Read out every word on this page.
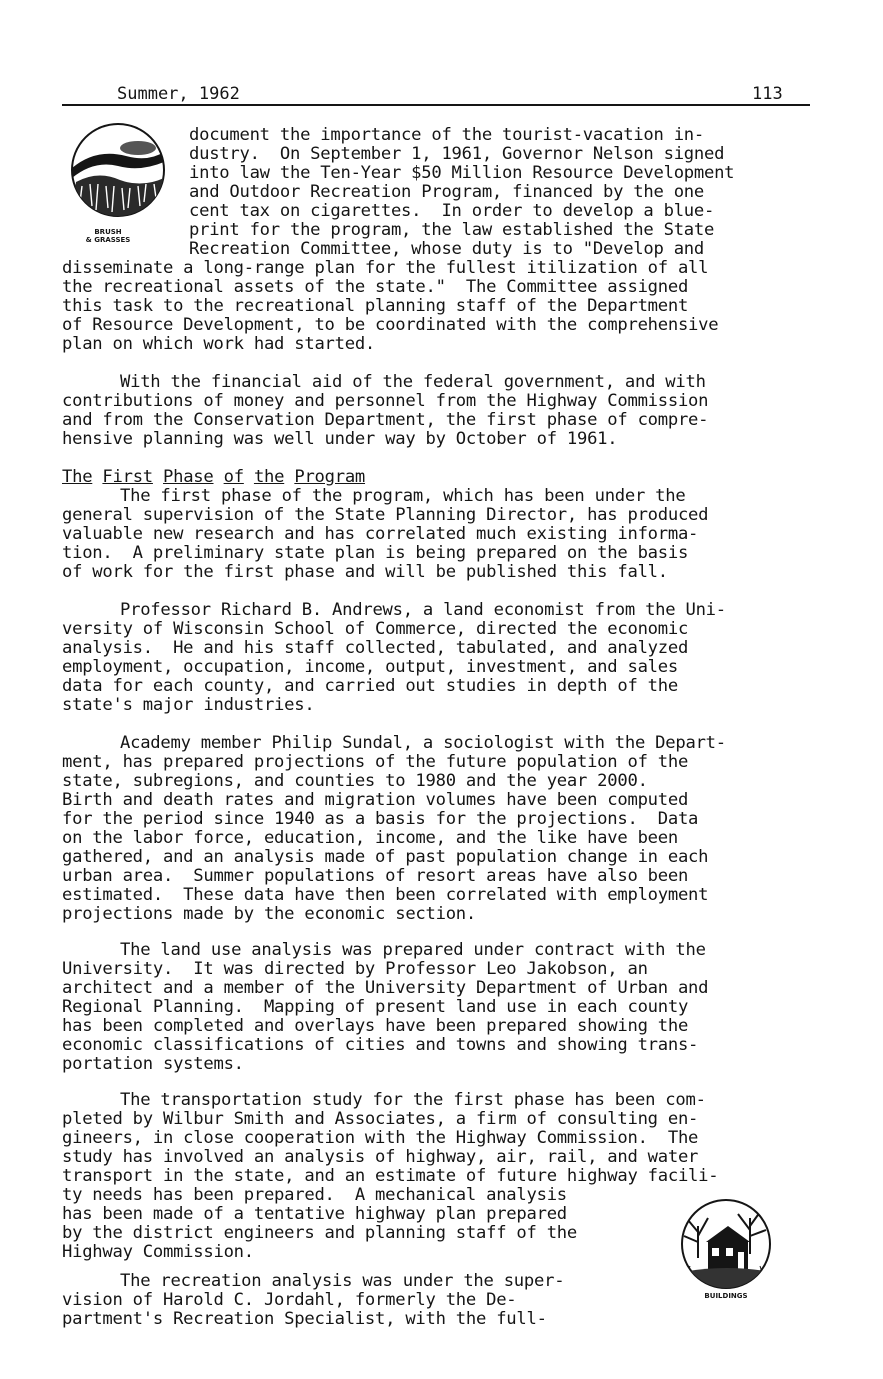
Summer, 1962	113
BRUSH
& GRASSES
document the importance of the tourist-vacation in-
dustry.  On September 1, 1961, Governor Nelson signed
into law the Ten-Year $50 Million Resource Development
and Outdoor Recreation Program, financed by the one
cent tax on cigarettes.  In order to develop a blue-
print for the program, the law established the State
Recreation Committee, whose duty is to "Develop and
disseminate a long-range plan for the fullest itilization of all
the recreational assets of the state."  The Committee assigned
this task to the recreational planning staff of the Department
of Resource Development, to be coordinated with the comprehensive
plan on which work had started.
With the financial aid of the federal government, and with
contributions of money and personnel from the Highway Commission
and from the Conservation Department, the first phase of compre-
hensive planning was well under way by October of 1961.
The First Phase of the Program
The first phase of the program, which has been under the
general supervision of the State Planning Director, has produced
valuable new research and has correlated much existing informa-
tion.  A preliminary state plan is being prepared on the basis
of work for the first phase and will be published this fall.
Professor Richard B. Andrews, a land economist from the Uni-
versity of Wisconsin School of Commerce, directed the economic
analysis.  He and his staff collected, tabulated, and analyzed
employment, occupation, income, output, investment, and sales
data for each county, and carried out studies in depth of the
state's major industries.
Academy member Philip Sundal, a sociologist with the Depart-
ment, has prepared projections of the future population of the
state, subregions, and counties to 1980 and the year 2000.
Birth and death rates and migration volumes have been computed
for the period since 1940 as a basis for the projections.  Data
on the labor force, education, income, and the like have been
gathered, and an analysis made of past population change in each
urban area.  Summer populations of resort areas have also been
estimated.  These data have then been correlated with employment
projections made by the economic section.
The land use analysis was prepared under contract with the
University.  It was directed by Professor Leo Jakobson, an
architect and a member of the University Department of Urban and
Regional Planning.  Mapping of present land use in each county
has been completed and overlays have been prepared showing the
economic classifications of cities and towns and showing trans-
portation systems.
The transportation study for the first phase has been com-
pleted by Wilbur Smith and Associates, a firm of consulting en-
gineers, in close cooperation with the Highway Commission.  The
study has involved an analysis of highway, air, rail, and water
transport in the state, and an estimate of future highway facili-
ty needs has been prepared.  A mechanical analysis
has been made of a tentative highway plan prepared
by the district engineers and planning staff of the
Highway Commission.
The recreation analysis was under the super-
vision of Harold C. Jordahl, formerly the De-
partment's Recreation Specialist, with the full-
BUILDINGS
